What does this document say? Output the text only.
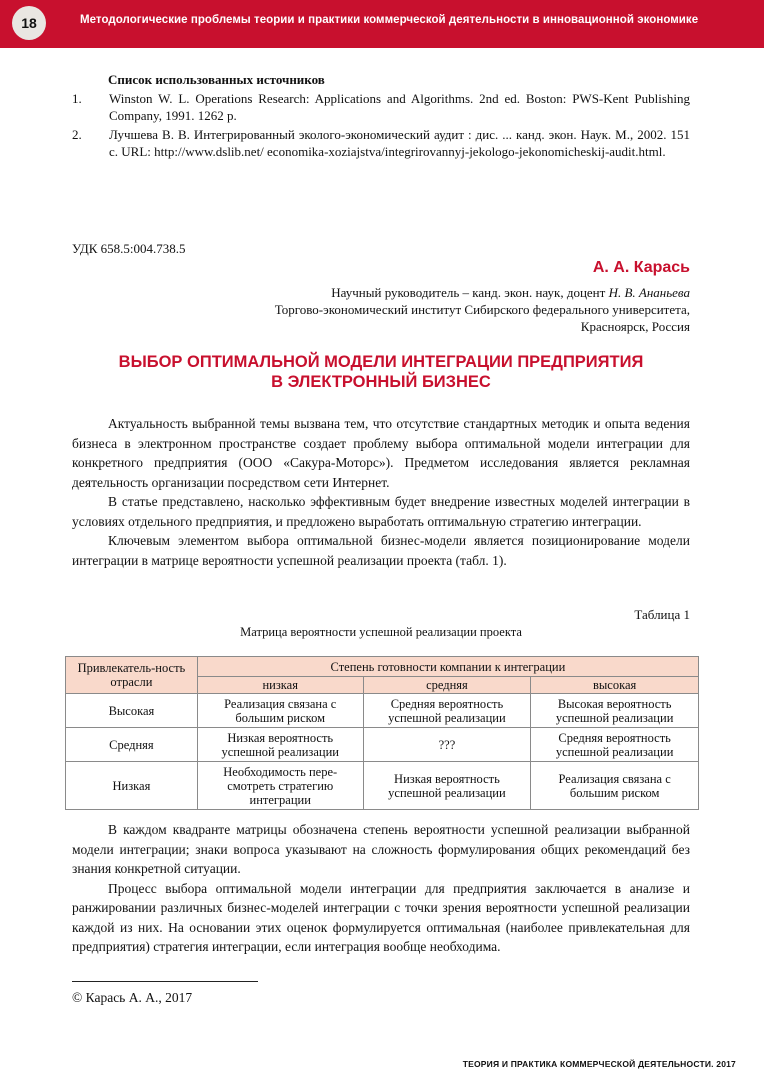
18	Методологические проблемы теории и практики коммерческой деятельности в инновационной экономике
Список использованных источников
1.	Winston W. L. Operations Research: Applications and Algorithms. 2nd ed. Boston: PWS-Kent Publishing Company, 1991. 1262 р.
2.	Лучшева В. В. Интегрированный эколого-экономический аудит : дис. ... канд. экон. Наук. М., 2002. 151 с. URL: http://www.dslib.net/ economika-xoziajstva/integrirovannyj-jekologo-jekonomicheskij-audit.html.
УДК 658.5:004.738.5
А. А. Карась
Научный руководитель – канд. экон. наук, доцент Н. В. Ананьева
Торгово-экономический институт Сибирского федерального университета,
Красноярск, Россия
ВЫБОР ОПТИМАЛЬНОЙ МОДЕЛИ ИНТЕГРАЦИИ ПРЕДПРИЯТИЯ
В ЭЛЕКТРОННЫЙ БИЗНЕС

Актуальность выбранной темы вызвана тем, что отсутствие стандартных методик и опыта ведения бизнеса в электронном пространстве создает проблему выбора оптимальной модели интеграции для конкретного предприятия (ООО «Сакура-Моторс»). Предметом исследования является рекламная деятельность организации посредством сети Интернет.

В статье представлено, насколько эффективным будет внедрение известных моделей интеграции в условиях отдельного предприятия, и предложено выработать оптимальную стратегию интеграции.

Ключевым элементом выбора оптимальной бизнес-модели является позиционирование модели интеграции в матрице вероятности успешной реализации проекта (табл. 1).

Таблица 1
Матрица вероятности успешной реализации проекта
Привлекатель-ность отрасли	Степень готовности компании к интеграции		
	низкая	средняя	высокая
Высокая	Реализация связана с большим риском	Средняя вероятность успешной реализации	Высокая вероятность успешной реализации
Средняя	Низкая вероятность успешной реализации	???	Средняя вероятность успешной реализации
Низкая	Необходимость пере-смотреть стратегию интеграции	Низкая вероятность успешной реализации	Реализация связана с большим риском

В каждом квадранте матрицы обозначена степень вероятности успешной реализации выбранной модели интеграции; знаки вопроса указывают на сложность формулирования общих рекомендаций без знания конкретной ситуации.

Процесс выбора оптимальной модели интеграции для предприятия заключается в анализе и ранжировании различных бизнес-моделей интеграции с точки зрения вероятности успешной реализации каждой из них. На основании этих оценок формулируется оптимальная (наиболее привлекательная для предприятия) стратегия интеграции, если интеграция вообще необходима.

© Карась А. А., 2017
ТЕОРИЯ И ПРАКТИКА КОММЕРЧЕСКОЙ ДЕЯТЕЛЬНОСТИ. 2017
